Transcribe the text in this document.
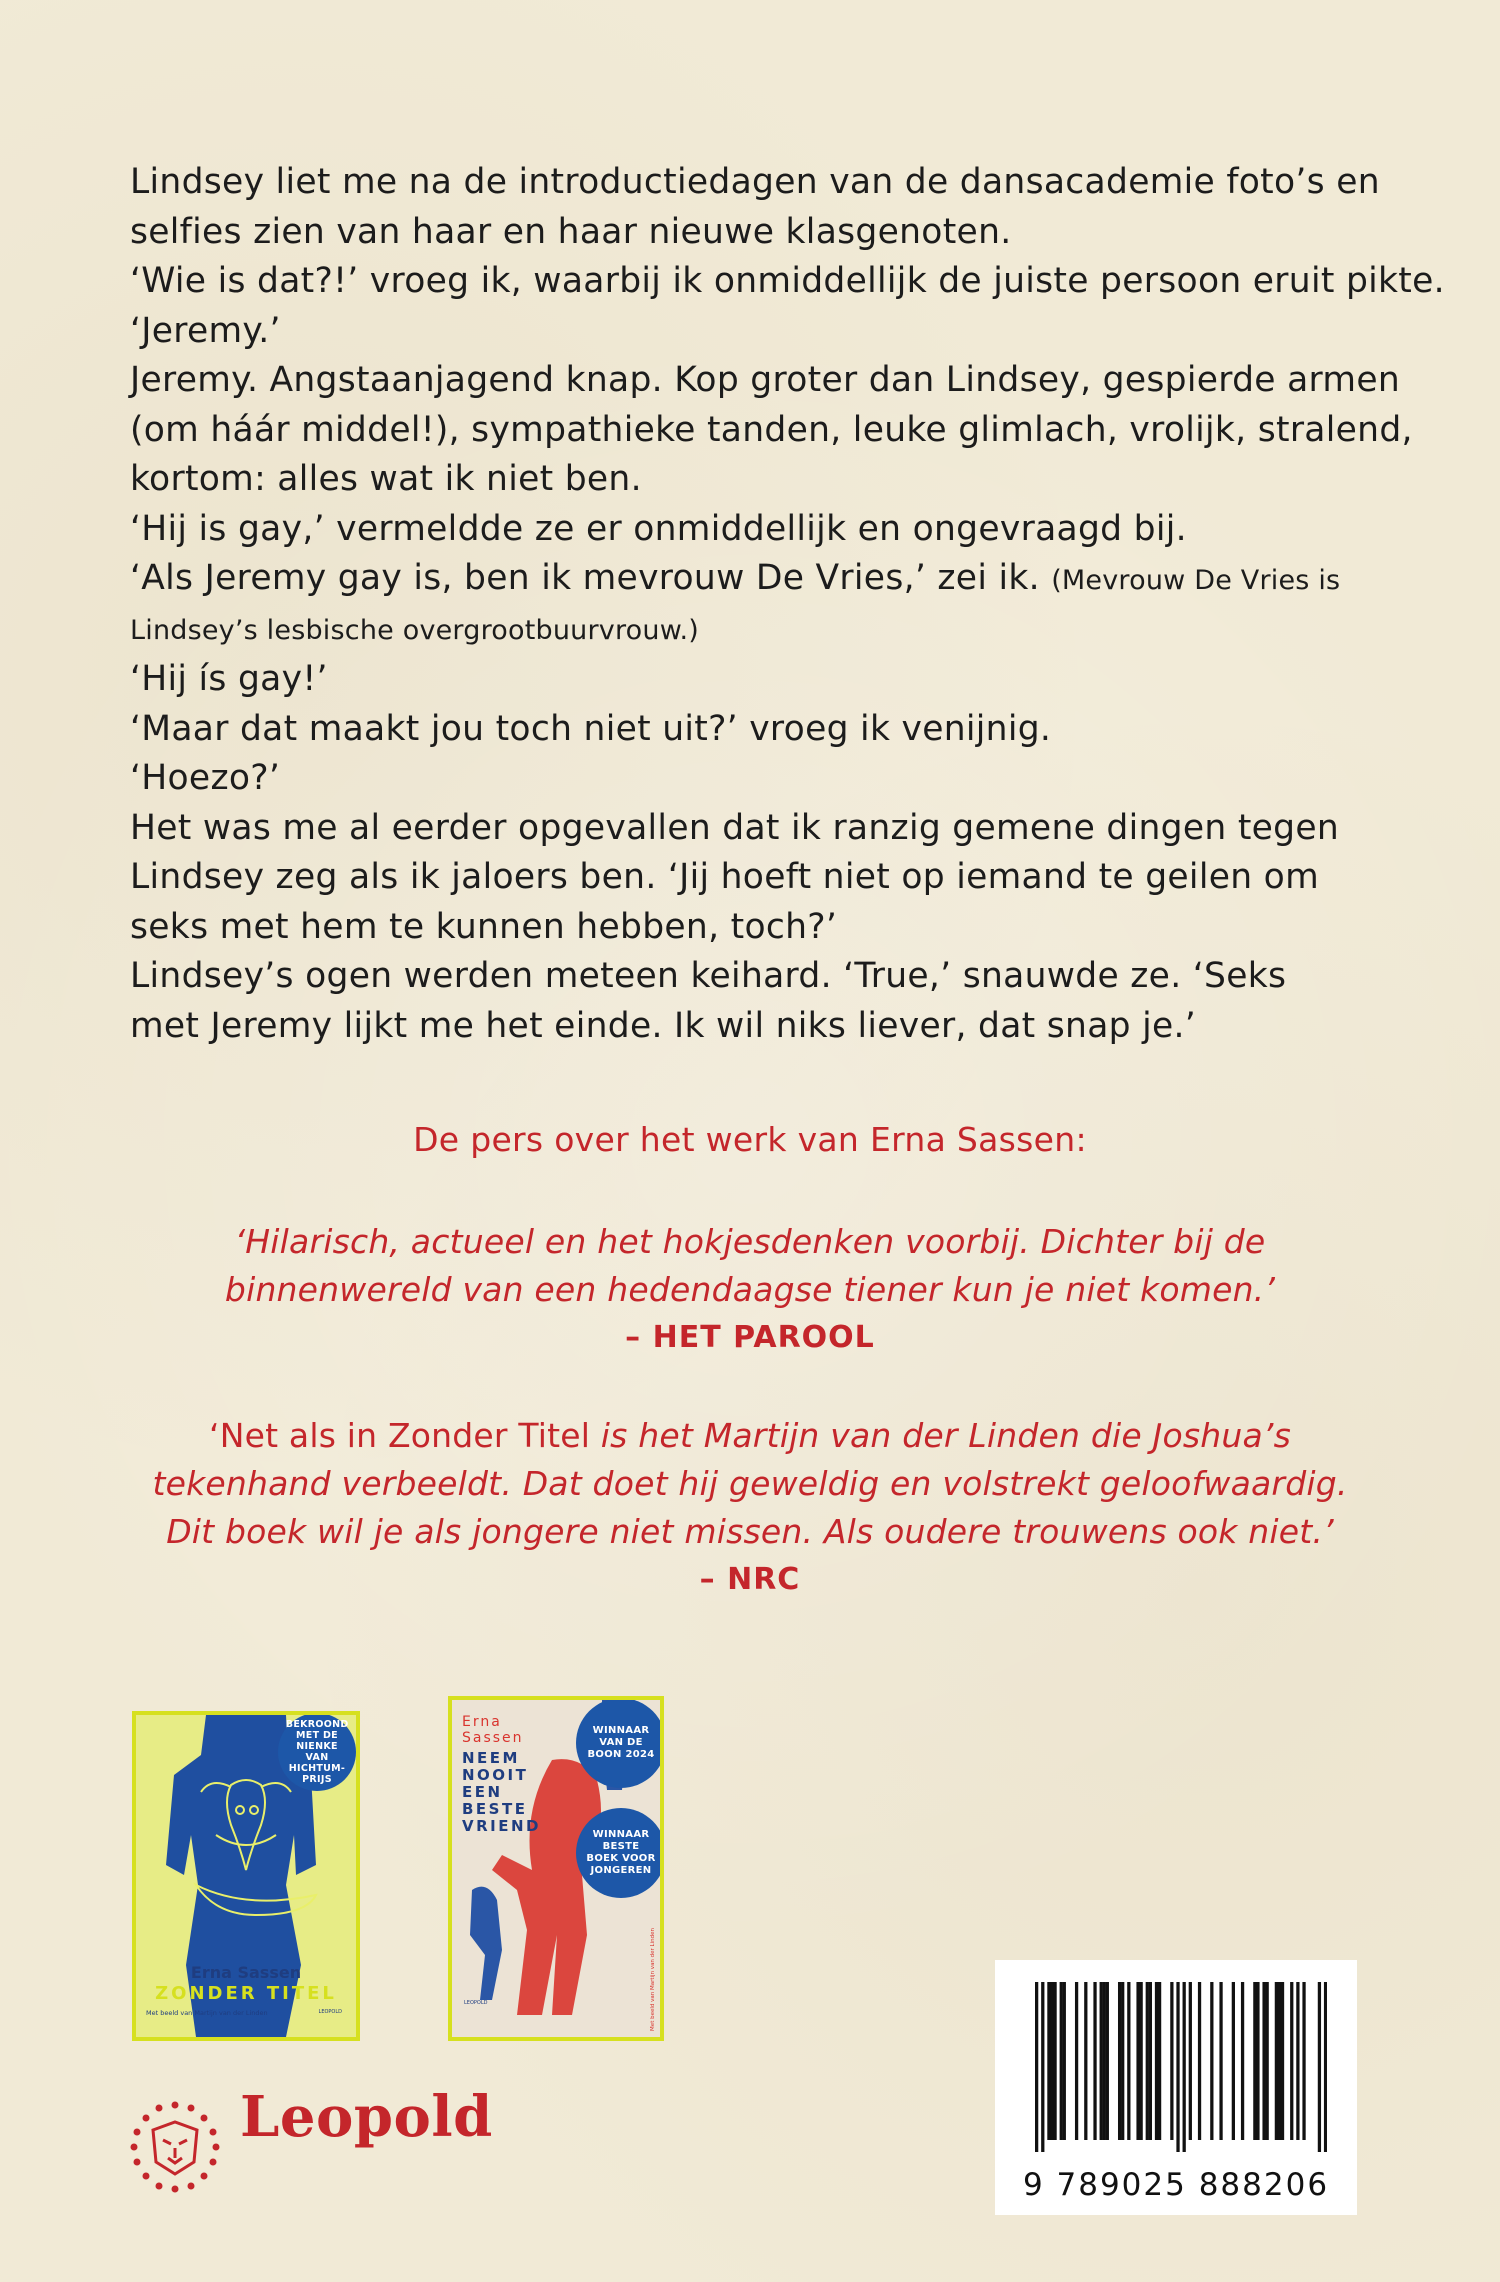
Lindsey liet me na de introductiedagen van de dansacademie foto’s en

selfies zien van haar en haar nieuwe klasgenoten.

‘Wie is dat?!’ vroeg ik, waarbij ik onmiddellijk de juiste persoon eruit pikte.

‘Jeremy.’

Jeremy. Angstaanjagend knap. Kop groter dan Lindsey, gespierde armen

(om háár middel!), sympathieke tanden, leuke glimlach, vrolijk, stralend,

kortom: alles wat ik niet ben.

‘Hij is gay,’ vermeldde ze er onmiddellijk en ongevraagd bij.

‘Als Jeremy gay is, ben ik mevrouw De Vries,’ zei ik. (Mevrouw De Vries is

Lindsey’s lesbische overgrootbuurvrouw.)

‘Hij ís gay!’

‘Maar dat maakt jou toch niet uit?’ vroeg ik venijnig.

‘Hoezo?’

Het was me al eerder opgevallen dat ik ranzig gemene dingen tegen

Lindsey zeg als ik jaloers ben. ‘Jij hoeft niet op iemand te geilen om

seks met hem te kunnen hebben, toch?’

Lindsey’s ogen werden meteen keihard. ‘True,’ snauwde ze. ‘Seks

met Jeremy lijkt me het einde. Ik wil niks liever, dat snap je.’

De pers over het werk van Erna Sassen:

‘Hilarisch, actueel en het hokjesdenken voorbij. Dichter bij de

binnenwereld van een hedendaagse tiener kun je niet komen.’

– HET PAROOL

‘Net als in Zonder Titel is het Martijn van der Linden die Joshua’s

tekenhand verbeeldt. Dat doet hij geweldig en volstrekt geloofwaardig.

Dit boek wil je als jongere niet missen. Als oudere trouwens ook niet.’

– NRC

Erna Sassen
ZONDER TITEL
Met beeld van Martijn van der Linden	LEOPOLD
BEKROOND MET DE NIENKE VAN HICHTUM-PRIJS
Erna
Sassen
NEEM
NOOIT
EEN
BESTE
VRIEND
LEOPOLD	Met beeld van Martijn van der Linden
WINNAAR VAN DE BOON 2024
WINNAAR BESTE BOEK VOOR JONGEREN
Leopold
9 789025 888206
